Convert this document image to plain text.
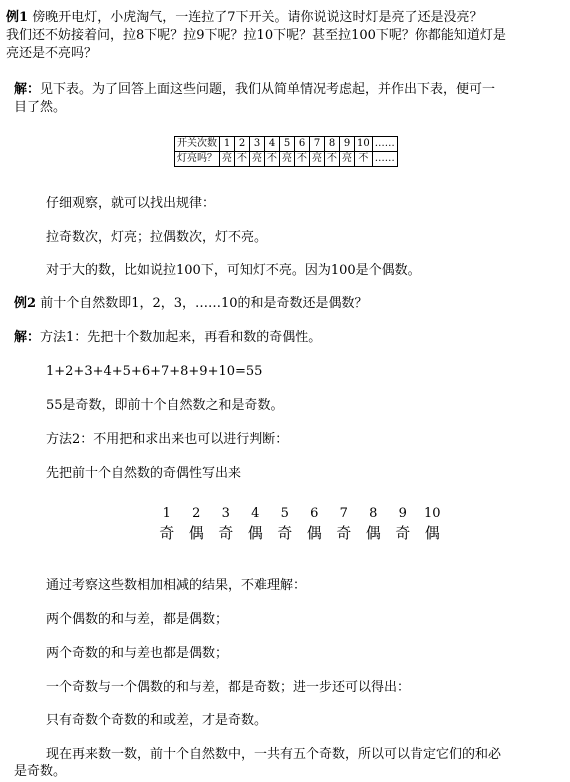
例1 傍晚开电灯，小虎淘气，一连拉了7下开关。请你说说这时灯是亮了还是没亮？
我们还不妨接着问，拉8下呢？拉9下呢？拉10下呢？甚至拉100下呢？你都能知道灯是
亮还是不亮吗？
解：见下表。为了回答上面这些问题，我们从简单情况考虑起，并作出下表，便可一
目了然。
开关次数	1	2	3	4	5	6	7	8	9	10	……
灯亮吗？	亮	不	亮	不	亮	不	亮	不	亮	不	……
仔细观察，就可以找出规律：
拉奇数次，灯亮；拉偶数次，灯不亮。
对于大的数，比如说拉100下，可知灯不亮。因为100是个偶数。
例2 前十个自然数即1，2，3，……10的和是奇数还是偶数？
解：方法1：先把十个数加起来，再看和数的奇偶性。
1+2+3+4+5+6+7+8+9+10=55
55是奇数，即前十个自然数之和是奇数。
方法2：不用把和求出来也可以进行判断：
先把前十个自然数的奇偶性写出来
1	2	3	4	5	6	7	8	9	10
奇 偶 奇 偶 奇 偶 奇 偶 奇 偶
通过考察这些数相加相减的结果，不难理解：
两个偶数的和与差，都是偶数；
两个奇数的和与差也都是偶数；
一个奇数与一个偶数的和与差，都是奇数；进一步还可以得出：
只有奇数个奇数的和或差，才是奇数。
现在再来数一数，前十个自然数中，一共有五个奇数，所以可以肯定它们的和必
是奇数。
